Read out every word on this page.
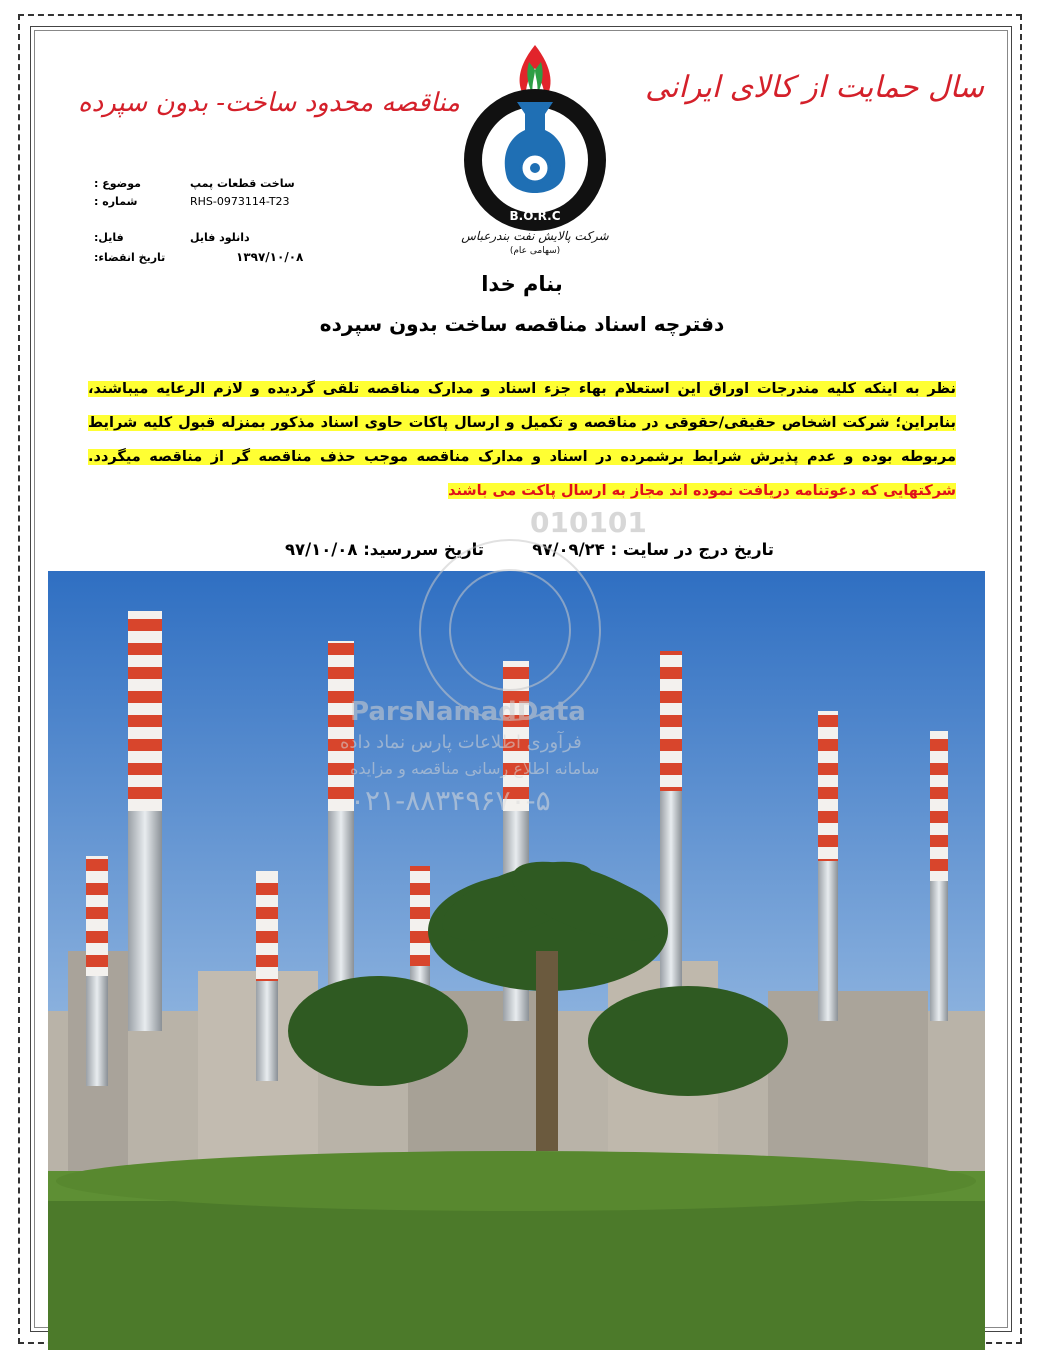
سال حمایت از کالای ایرانی
مناقصه محدود ساخت- بدون سپرده
B.O.R.C
شرکت پالایش نفت بندرعباس
(سهامی عام)
موضوع :	ساخت قطعات پمپ
: شماره	RHS-0973114-T23
فایل:	دانلود فایل
تاریخ انقضاء:	۱۳۹۷/۱۰/۰۸
بنام خدا
دفترچه اسناد مناقصه ساخت بدون سپرده
نظر به اینکه کلیه مندرجات اوراق این استعلام بهاء جزء اسناد و مدارک مناقصه تلقی گردیده و لازم الرعایه میباشند، بنابراین؛ شرکت اشخاص حقیقی/حقوقی در مناقصه و تکمیل و ارسال پاکات حاوی اسناد مذکور بمنزله قبول کلیه شرایط مربوطه بوده و عدم پذیرش شرایط برشمرده در اسناد و مدارک مناقصه موجب حذف مناقصه گر از مناقصه میگردد. شرکتهایی که دعوتنامه دریافت نموده اند مجاز به ارسال پاکت می باشند
تاریخ درج در سایت : ۹۷/۰۹/۲۴
تاریخ سررسید: ۹۷/۱۰/۰۸
010101
ParsNamadData
فرآوری اطلاعات پارس نماد داده
سامانه اطلاع رسانی مناقصه و مزایده
۰۲۱-۸۸۳۴۹۶۷۰-۵
